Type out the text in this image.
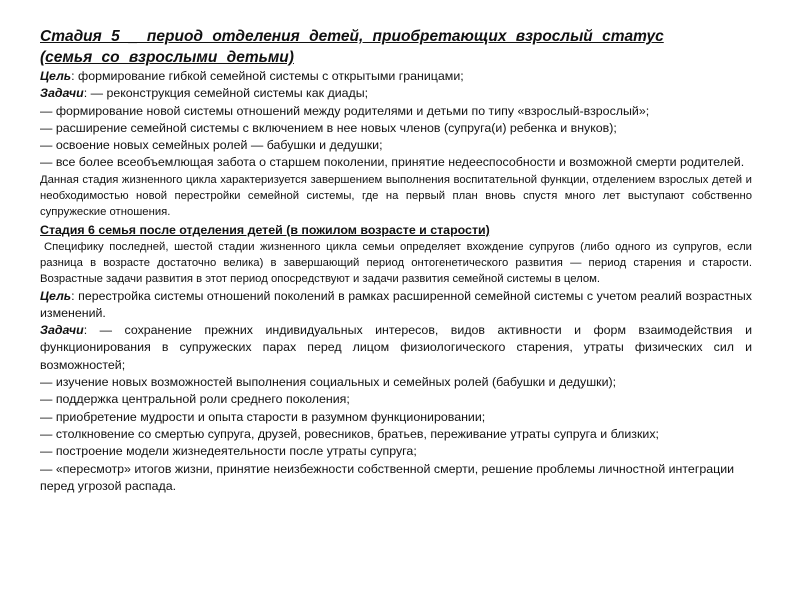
Стадия 5 _ период отделения детей, приобретающих взрослый статус
(семья со взрослыми детьми)

Цель: формирование гибкой семейной системы с открытыми границами;

Задачи: — реконструкция семейной системы как диады;

— формирование новой системы отношений между родителями и детьми по типу «взрослый-взрослый»;

— расширение семейной системы с включением в нее новых членов (супруга(и) ребенка и внуков);

— освоение новых семейных ролей — бабушки и дедушки;

— все более всеобъемлющая забота о старшем поколении, принятие недееспособности и возможной смерти родителей.

Данная стадия жизненного цикла характеризуется завершением выполнения воспитательной функции, отделением взрослых детей и необходимостью новой перестройки семейной системы, где на первый план вновь спустя много лет выступают собственно супружеские отношения.

Стадия 6 семья после отделения детей (в пожилом возрасте и старости)

Специфику последней, шестой стадии жизненного цикла семьи определяет вхождение супругов (либо одного из супругов, если разница в возрасте достаточно велика) в завершающий период онтогенетического развития — период старения и старости. Возрастные задачи развития в этот период опосредствуют и задачи развития семейной системы в целом.

Цель: перестройка системы отношений поколений в рамках расширенной семейной системы с учетом реалий возрастных изменений.

Задачи: — сохранение прежних индивидуальных интересов, видов активности и форм взаимодействия и функционирования в супружеских парах перед лицом физиологического старения, утраты физических сил и возможностей;

— изучение новых возможностей выполнения социальных и семейных ролей (бабушки и дедушки);

— поддержка центральной роли среднего поколения;

— приобретение мудрости и опыта старости в разумном функционировании;

— столкновение со смертью супруга, друзей, ровесников, братьев, переживание утраты супруга и близких;

— построение модели жизнедеятельности после утраты супруга;

— «пересмотр» итогов жизни, принятие неизбежности собственной смерти, решение проблемы личностной интеграции перед угрозой распада.
